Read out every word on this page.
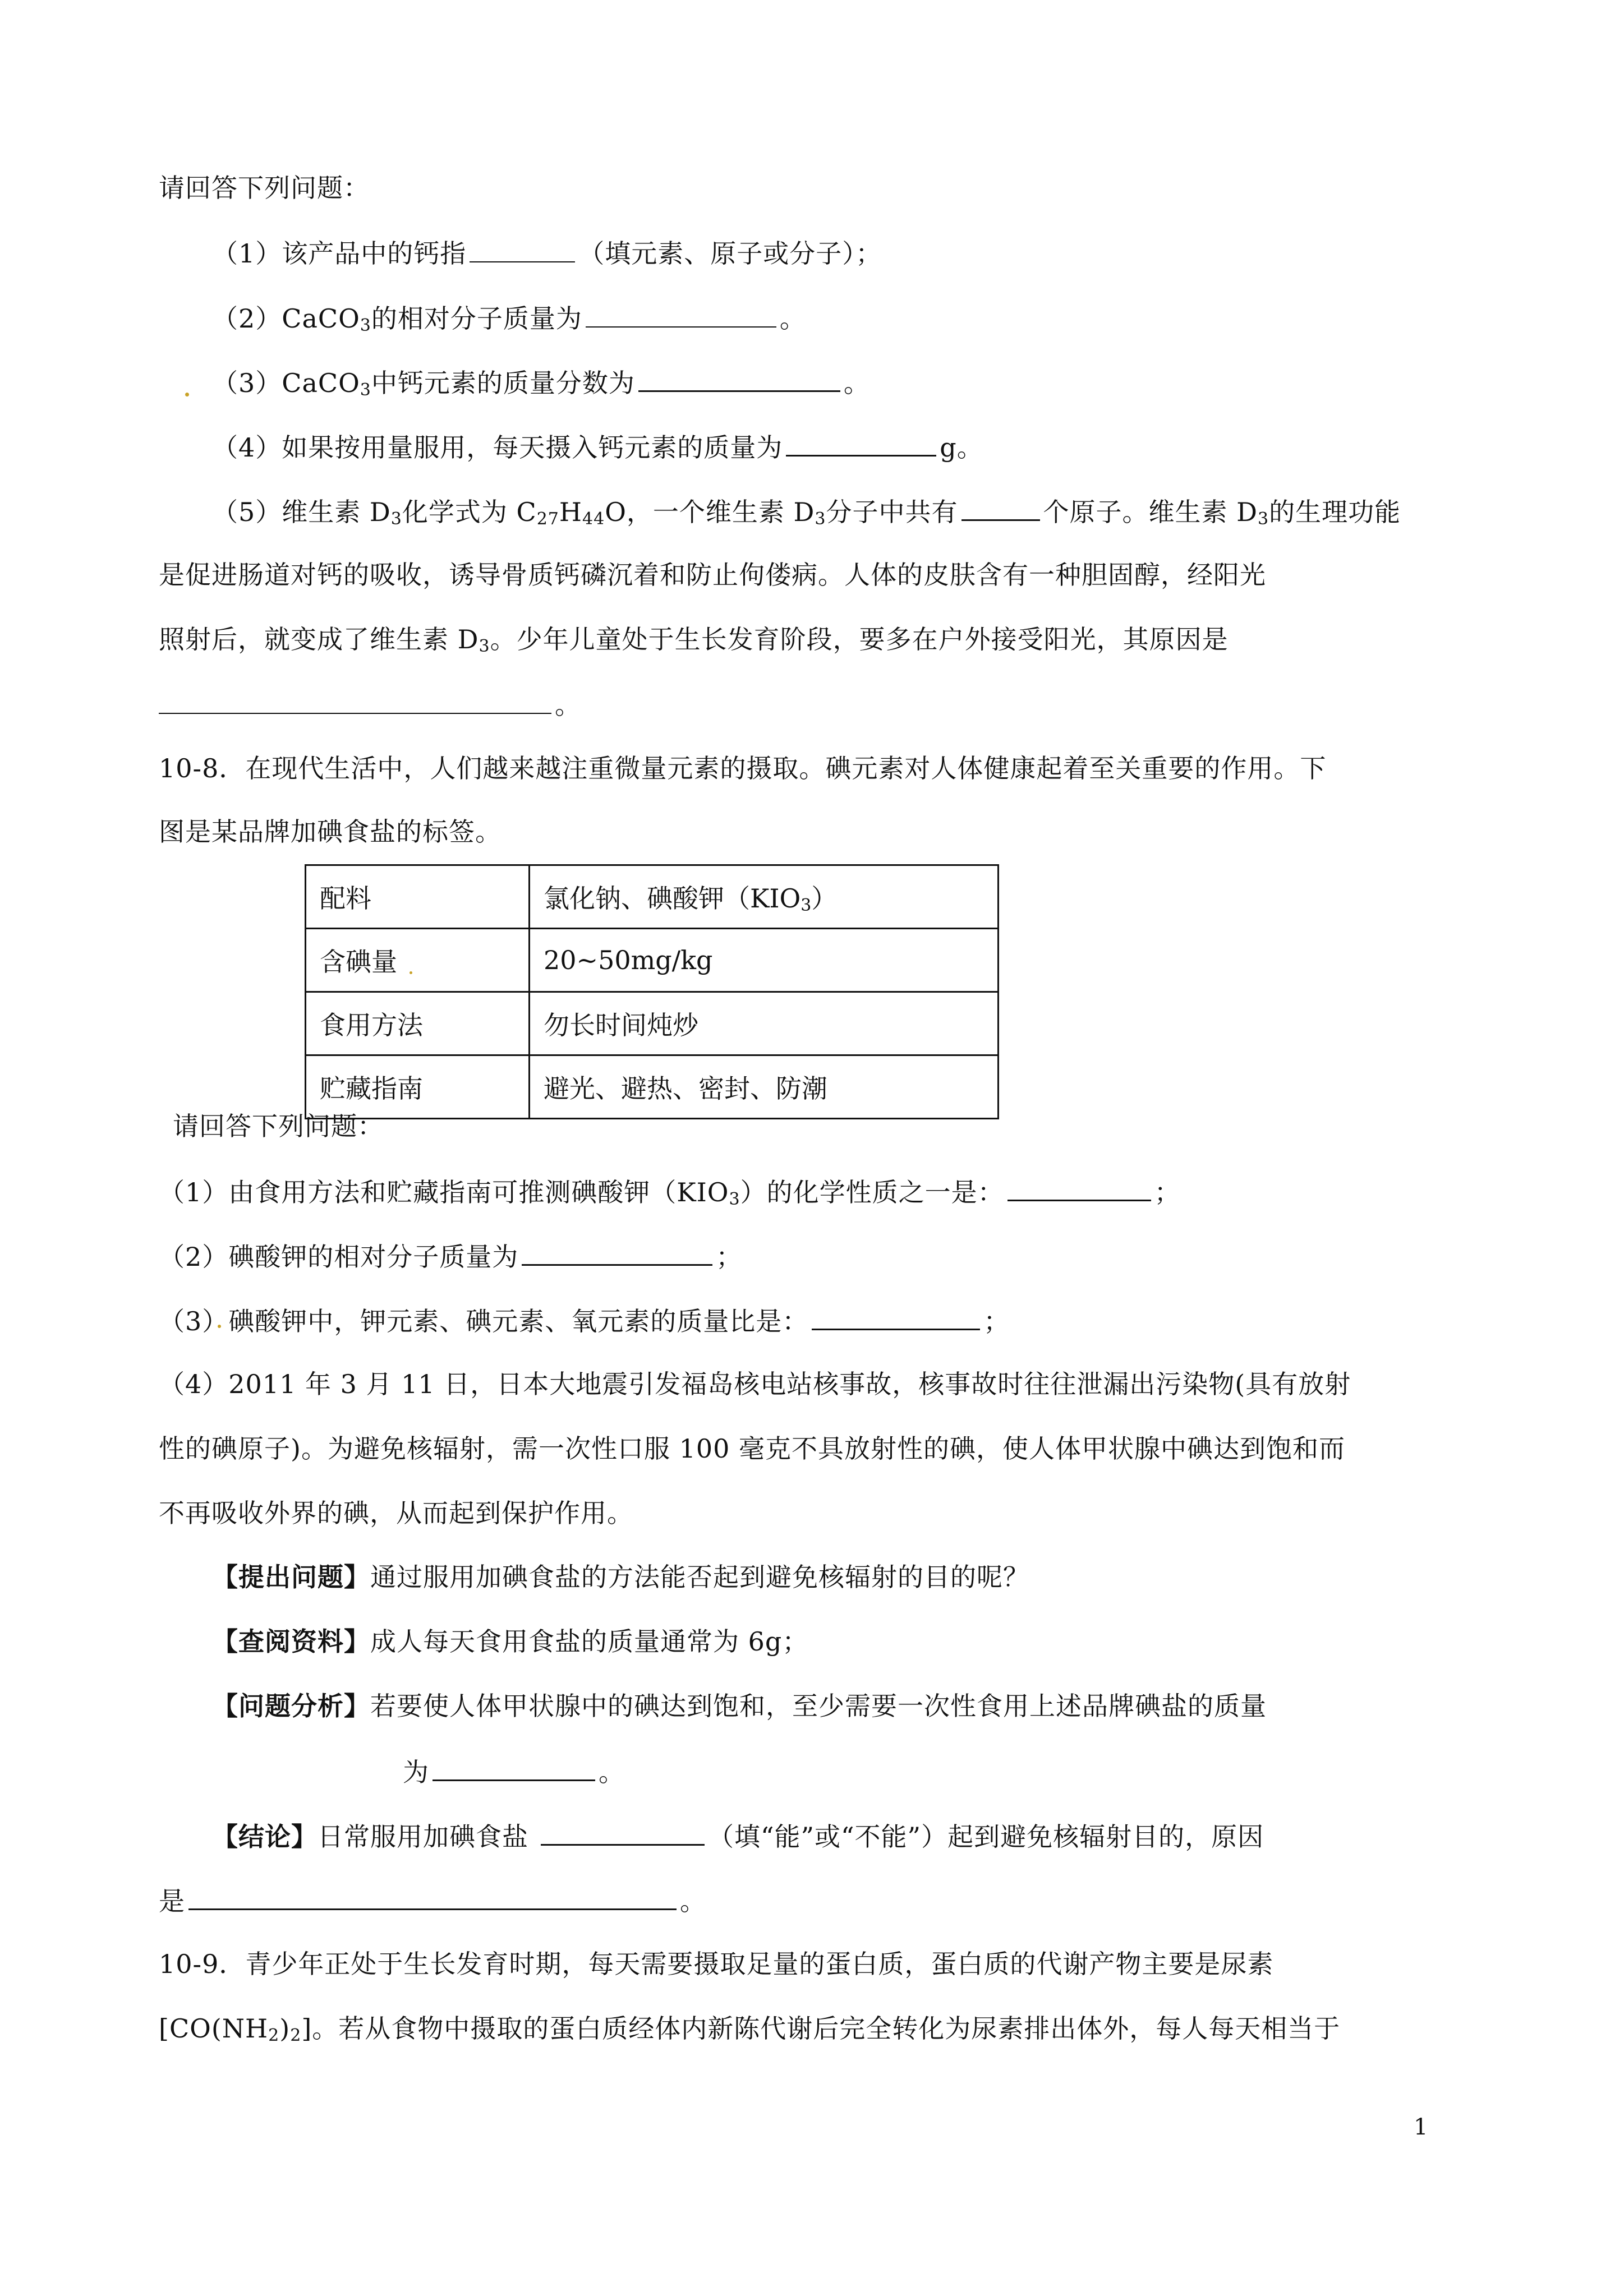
请回答下列问题：
（1）该产品中的钙指	（填元素、原子或分子）；
（2）CaCO$_3$的相对分子质量为	。
（3）CaCO$_3$中钙元素的质量分数为	。
（4）如果按用量服用，每天摄入钙元素的质量为	g。
（5）维生素 $D_3$化学式为 $C_{27}H_{44}O$，一个维生素 $D_3$分子中共有	个原子。维生素 $D_3$的生理功能
是促进肠道对钙的吸收，诱导骨质钙磷沉着和防止佝偻病。人体的皮肤含有一种胆固醇，经阳光
照射后，就变成了维生素 $D_3$。少年儿童处于生长发育阶段，要多在户外接受阳光，其原因是
。
10-8．在现代生活中，人们越来越注重微量元素的摄取。碘元素对人体健康起着至关重要的作用。下
图是某品牌加碘食盐的标签。
配料	氯化钠、碘酸钾$(KIO_3)$
含碘量	20~50mg/kg
食用方法	勿长时间炖炒
贮藏指南	避光、避热、密封、防潮
请回答下列问题：
（1）由食用方法和贮藏指南可推测碘酸钾$(KIO_3)$的化学性质之一是：	；
（2）碘酸钾的相对分子质量为	；
（3）碘酸钾中，钾元素、碘元素、氧元素的质量比是：	；
（4）2011 年 3 月 11 日，日本大地震引发福岛核电站核事故，核事故时往往泄漏出污染物(具有放射
性的碘原子)。为避免核辐射，需一次性口服 100 毫克不具放射性的碘，使人体甲状腺中碘达到饱和而
不再吸收外界的碘，从而起到保护作用。
【提出问题】通过服用加碘食盐的方法能否起到避免核辐射的目的呢？
【查阅资料】成人每天食用食盐的质量通常为 6g；
【问题分析】若要使人体甲状腺中的碘达到饱和，至少需要一次性食用上述品牌碘盐的质量
为	。
【结论】日常服用加碘食盐	（填“能”或“不能”）起到避免核辐射目的，原因
是	。
10-9．青少年正处于生长发育时期，每天需要摄取足量的蛋白质，蛋白质的代谢产物主要是尿素
$[CO(NH_2)_2]$。若从食物中摄取的蛋白质经体内新陈代谢后完全转化为尿素排出体外，每人每天相当于
1
